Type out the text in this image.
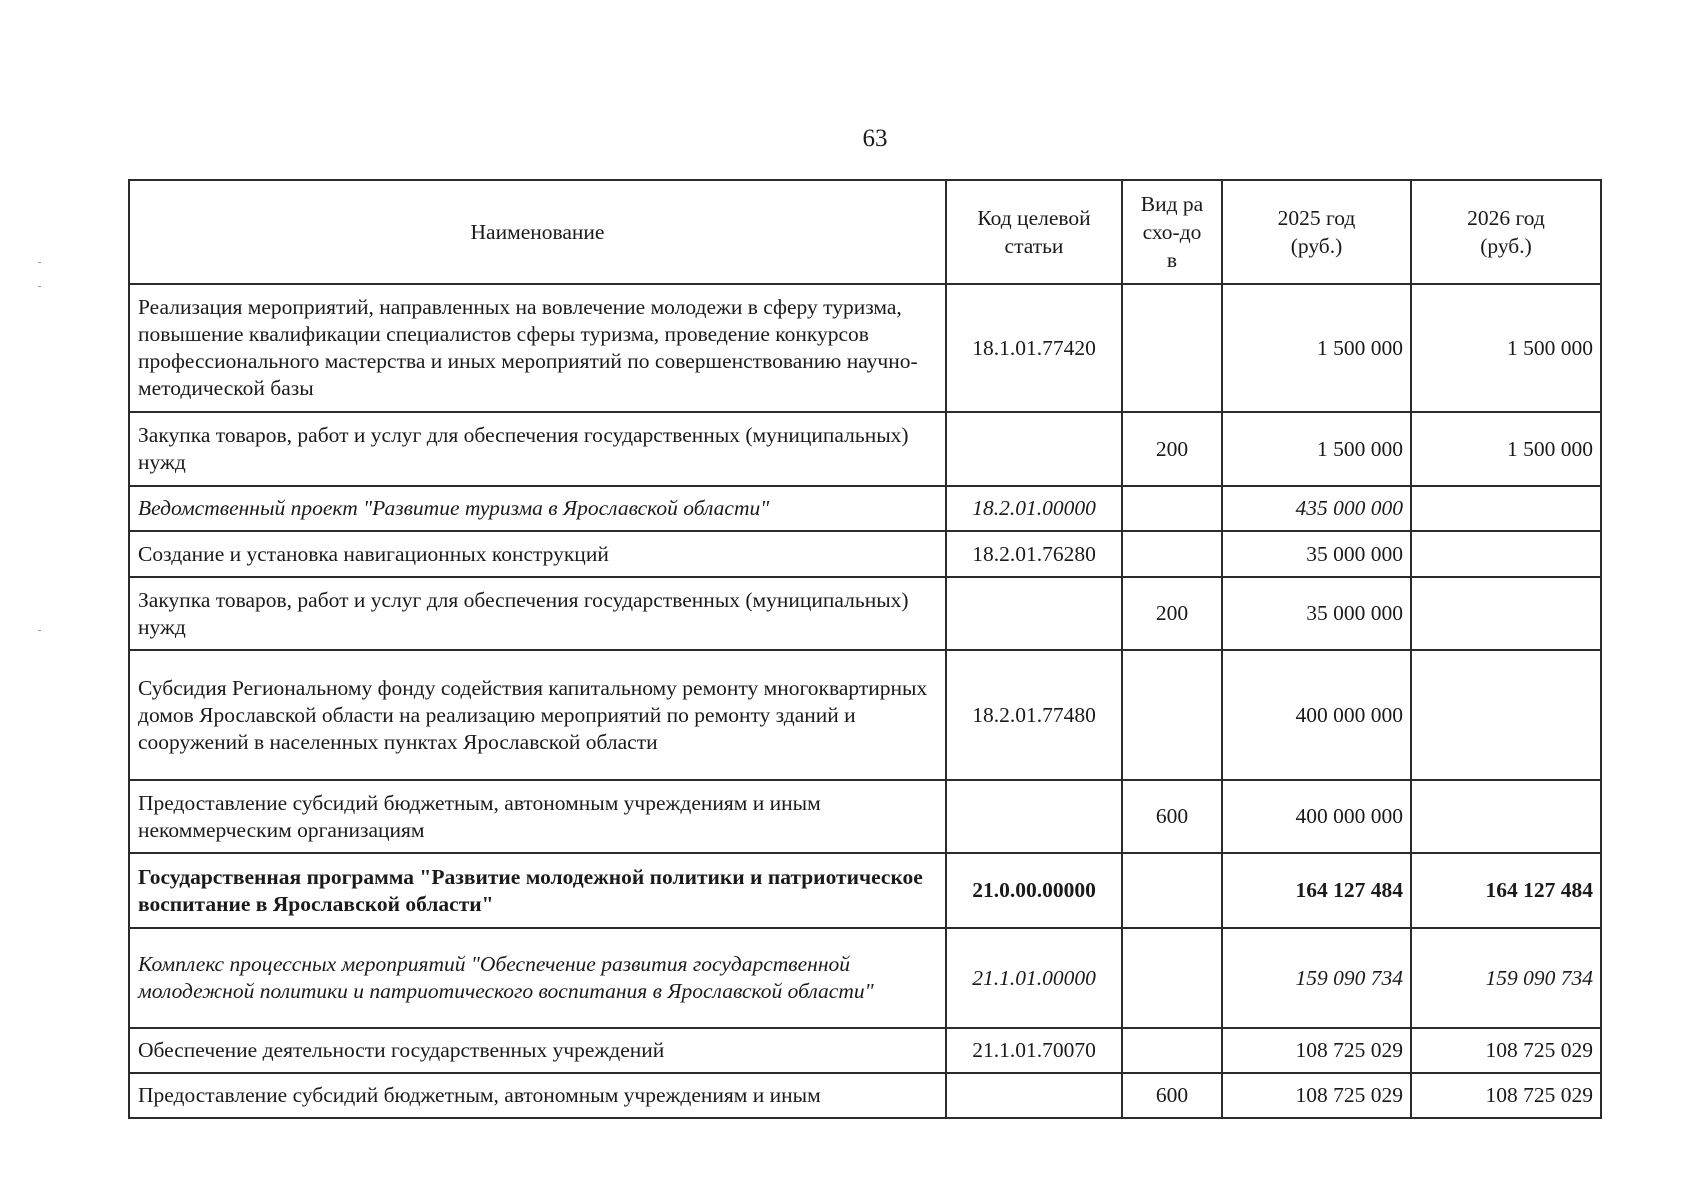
63
Наименование	Код целевой статьи	Вид расхо-дов	2025 год (руб.)	2026 год (руб.)

Реализация мероприятий, направленных на вовлечение молодежи в сферу туризма, повышение квалификации специалистов сферы туризма, проведение конкурсов профессионального мастерства и иных мероприятий по совершенствованию научно-методической базы	18.1.01.77420		1 500 000	1 500 000
Закупка товаров, работ и услуг для обеспечения государственных (муниципальных) нужд		200	1 500 000	1 500 000
Ведомственный проект "Развитие туризма в Ярославской области"	18.2.01.00000		435 000 000	
Создание и установка навигационных конструкций	18.2.01.76280		35 000 000	
Закупка товаров, работ и услуг для обеспечения государственных (муниципальных) нужд		200	35 000 000	
Субсидия Региональному фонду содействия капитальному ремонту многоквартирных домов Ярославской области на реализацию мероприятий по ремонту зданий и сооружений в населенных пунктах Ярославской области	18.2.01.77480		400 000 000	
Предоставление субсидий бюджетным, автономным учреждениям и иным некоммерческим организациям		600	400 000 000	
Государственная программа "Развитие молодежной политики и патриотическое воспитание в Ярославской области"	21.0.00.00000		164 127 484	164 127 484
Комплекс процессных мероприятий "Обеспечение развития государственной молодежной политики и патриотического воспитания в Ярославской области"	21.1.01.00000		159 090 734	159 090 734
Обеспечение деятельности государственных учреждений	21.1.01.70070		108 725 029	108 725 029
Предоставление субсидий бюджетным, автономным учреждениям и иным		600	108 725 029	108 725 029
